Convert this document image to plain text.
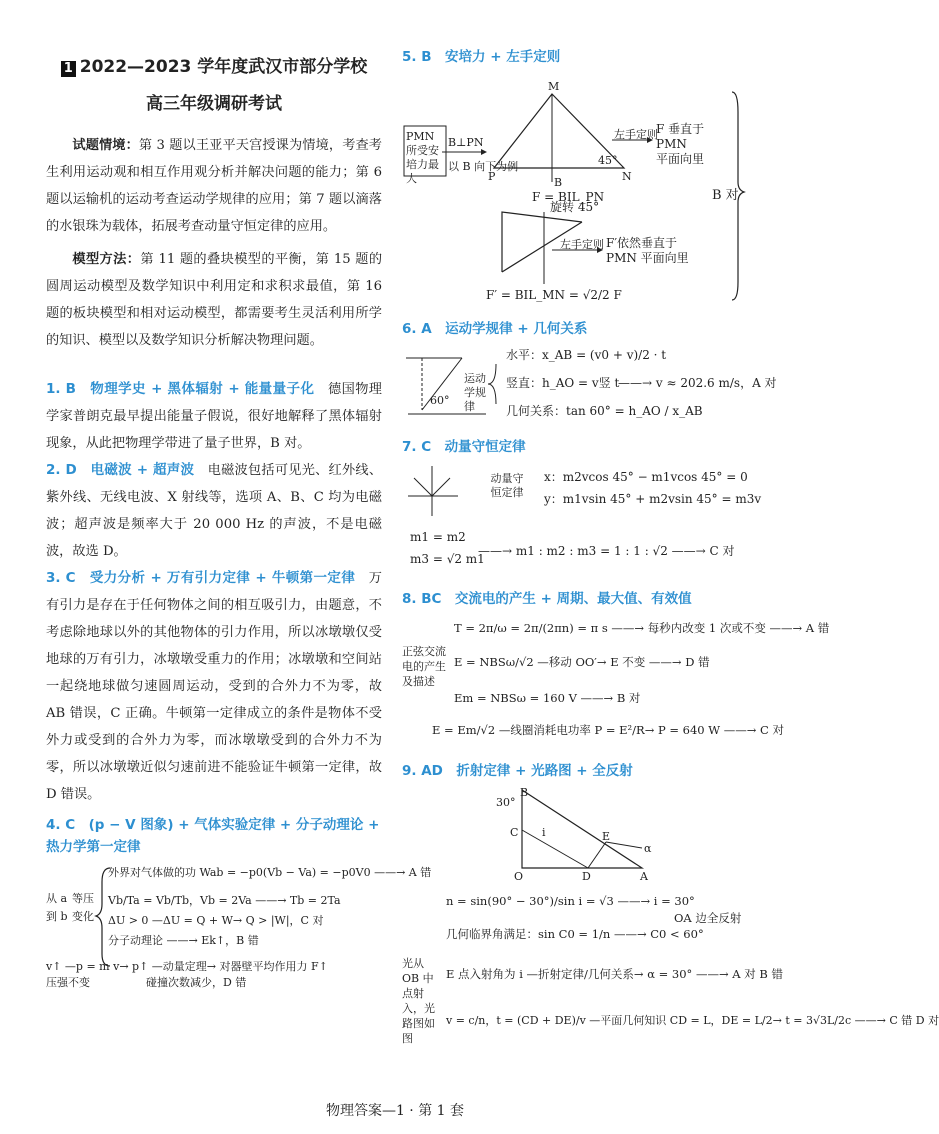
1 2022—2023 学年度武汉市部分学校
高三年级调研考试

试题情境：第 3 题以王亚平天宫授课为情境，考查考生利用运动观和相互作用观分析并解决问题的能力；第 6 题以运输机的运动考查运动学规律的应用；第 7 题以滴落的水银珠为载体，拓展考查动量守恒定律的应用。

模型方法：第 11 题的叠块模型的平衡，第 15 题的圆周运动模型及数学知识中利用定和求积求最值，第 16 题的板块模型和相对运动模型，都需要考生灵活利用所学的知识、模型以及数学知识分析解决物理问题。

1. B　物理学史 + 黑体辐射 + 能量量子化　德国物理学家普朗克最早提出能量子假说，很好地解释了黑体辐射现象，从此把物理学带进了量子世界，B 对。

2. D　电磁波 + 超声波　电磁波包括可见光、红外线、紫外线、无线电波、X 射线等，选项 A、B、C 均为电磁波；超声波是频率大于 20 000 Hz 的声波，不是电磁波，故选 D。

3. C　受力分析 + 万有引力定律 + 牛顿第一定律　万有引力是存在于任何物体之间的相互吸引力，由题意，不考虑除地球以外的其他物体的引力作用，所以冰墩墩仅受地球的万有引力，冰墩墩受重力的作用；冰墩墩和空间站一起绕地球做匀速圆周运动，受到的合外力不为零，故 AB 错误，C 正确。牛顿第一定律成立的条件是物体不受外力或受到的合外力为零，而冰墩墩受到的合外力不为零，所以冰墩墩近似匀速前进不能验证牛顿第一定律，故 D 错误。

4. C　(p − V 图象) + 气体实验定律 + 分子动理论 +
热力学第一定律
从 a
到 b
等压变化
外界对气体做的功 Wab = −p0(Vb − Va) = −p0V0 ——→ A 错
Vb/Ta = Vb/Tb，Vb = 2Va ——→ Tb = 2Ta
ΔU > 0 —ΔU = Q + W→ Q > |W|，C 对
分子动理论 ——→ Ek↑，B 错
v↑ —p = m v→ p↑ —动量定理→ 对器壁平均作用力 F↑
压强不变	碰撞次数减少，D 错
5. B　安培力 + 左手定则
PMN 所受安培力最大
B⊥PN
以 B 向下为例
M
P	N
B
45°
左手定则
F 垂直于
PMN
平面向里
F = BIL_PN
旋转 45°
左手定则 F′依然垂直于
PMN 平面向里
F′ = BIL_MN = √2/2 F
B 对
6. A　运动学规律 + 几何关系
60°
运动学规律
水平：x_AB = (v0 + v)/2 · t
竖直：h_AO = v竖 t
几何关系：tan 60° = h_AO / x_AB
——→ v ≈ 202.6 m/s，A 对
7. C　动量守恒定律
动量守
恒定律
x：m2vcos 45° − m1vcos 45° = 0
y：m1vsin 45° + m2vsin 45° = m3v
m1 = m2
m3 = √2 m1
——→ m1 : m2 : m3 = 1 : 1 : √2 ——→ C 对
8. BC　交流电的产生 + 周期、最大值、有效值
正弦交流电的产生及描述
T = 2π/ω = 2π/(2πn) = π s ——→ 每秒内改变 1 次或不变 ——→ A 错
E = NBSω/√2 —移动 OO′→ E 不变 ——→ D 错
Em = NBSω = 160 V ——→ B 对
E = Em/√2 —线圈消耗电功率 P = E²/R→ P = 640 W ——→ C 对
9. AD　折射定律 + 光路图 + 全反射
B
30°
C
O	D	A
E
α
i
光从 OB 中点射入，光路图如图
n = sin(90° − 30°)/sin i = √3 ——→ i = 30°
几何临界角满足：sin C0 = 1/n ——→ C0 < 60°
OA 边全反射
E 点入射角为 i —折射定律/几何关系→ α = 30° ——→ A 对 B 错
v = c/n，t = (CD + DE)/v —平面几何知识 CD = L，DE = L/2→ t = 3√3L/2c ——→ C 错 D 对
物理答案—1 · 第 1 套
